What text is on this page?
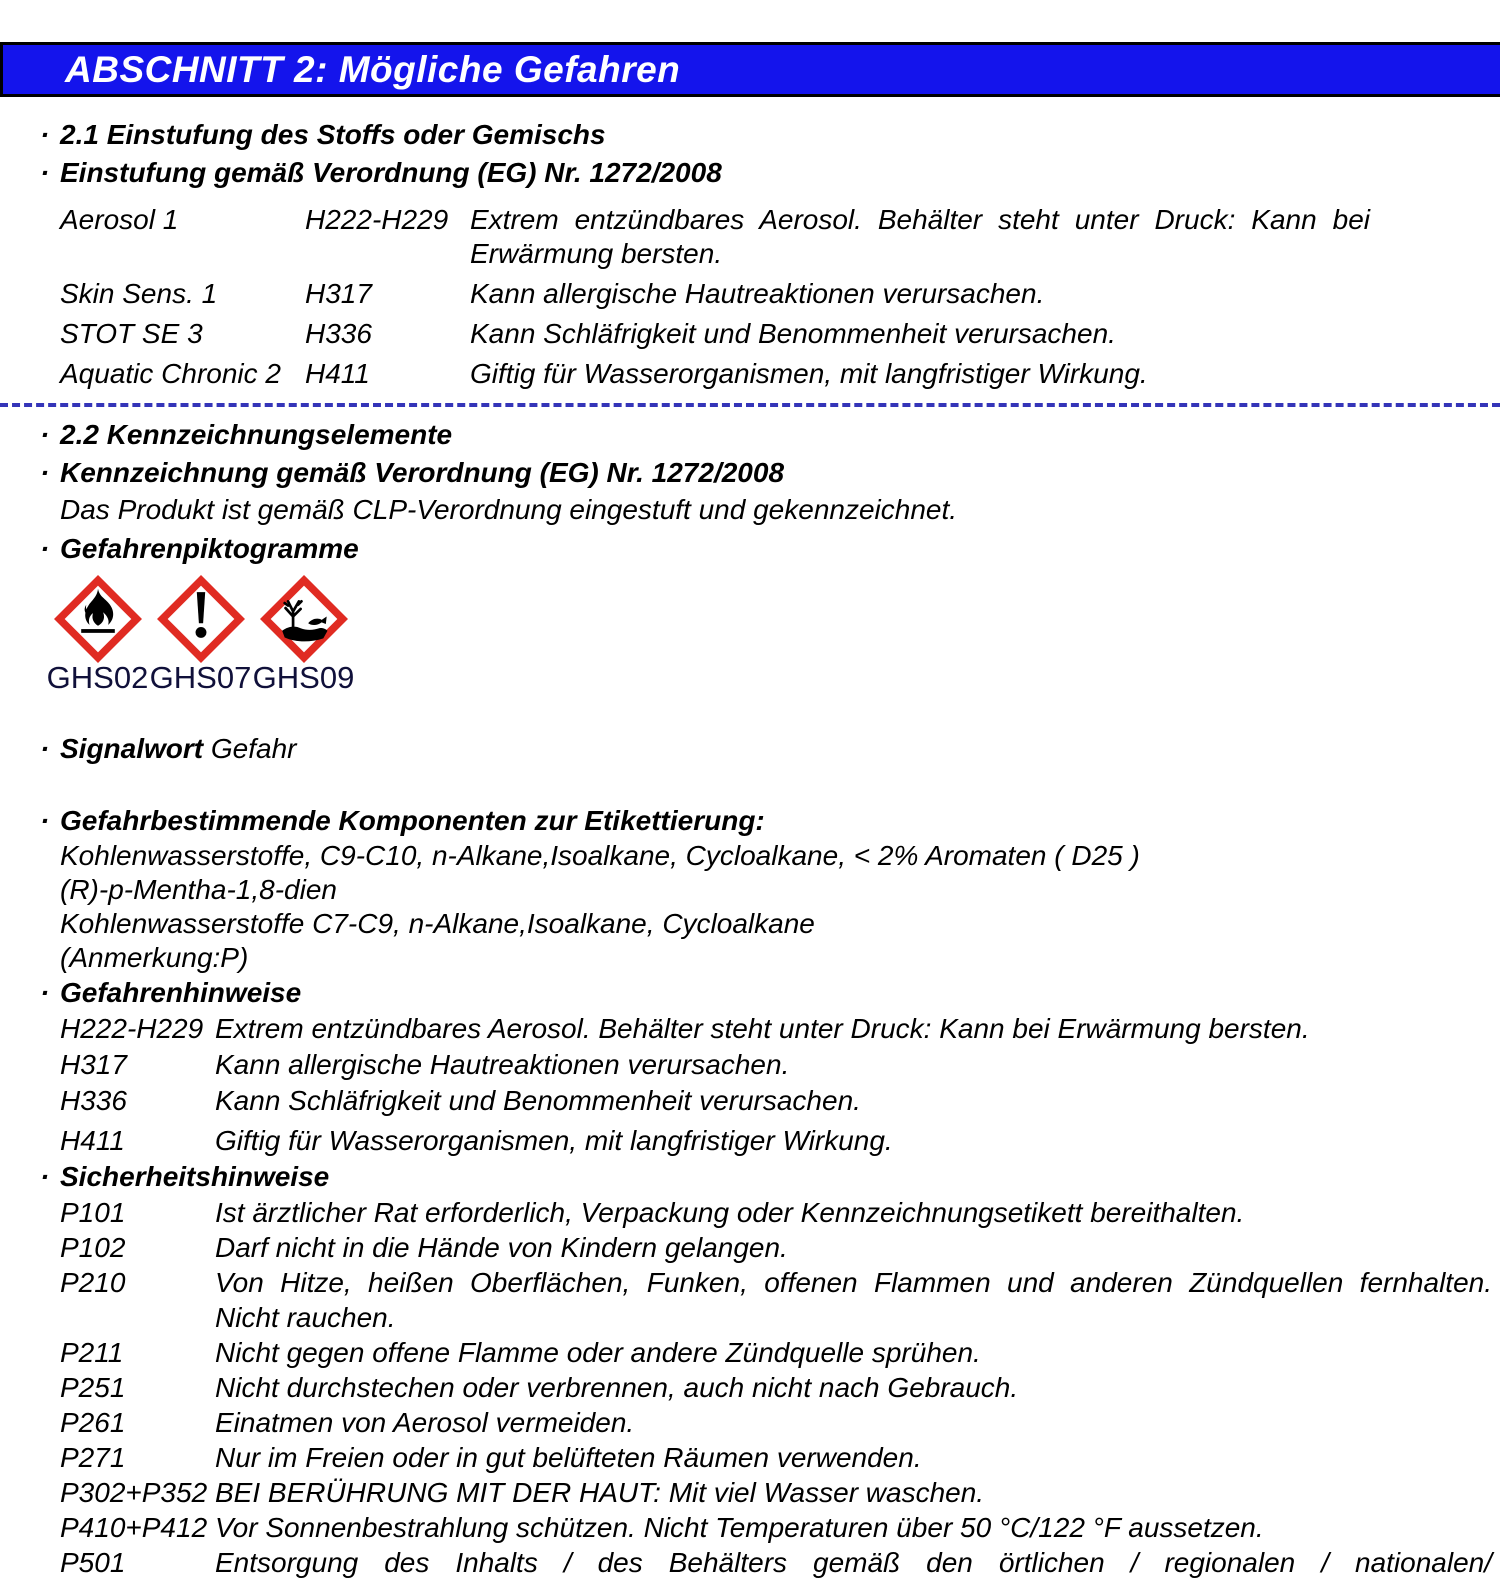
ABSCHNITT 2: Mögliche Gefahren
· 2.1 Einstufung des Stoffs oder Gemischs
· Einstufung gemäß Verordnung (EG) Nr. 1272/2008
Aerosol 1	H222-H229 Extrem entzündbares Aerosol. Behälter steht unter Druck: Kann bei
Erwärmung bersten.
Skin Sens. 1	H317	Kann allergische Hautreaktionen verursachen.
STOT SE 3	H336	Kann Schläfrigkeit und Benommenheit verursachen.
Aquatic Chronic 2 H411	Giftig für Wasserorganismen, mit langfristiger Wirkung.
· 2.2 Kennzeichnungselemente
· Kennzeichnung gemäß Verordnung (EG) Nr. 1272/2008
Das Produkt ist gemäß CLP-Verordnung eingestuft und gekennzeichnet.
· Gefahrenpiktogramme
GHS02 GHS07 GHS09
· Signalwort Gefahr
· Gefahrbestimmende Komponenten zur Etikettierung:
Kohlenwasserstoffe, C9-C10, n-Alkane,Isoalkane, Cycloalkane, < 2% Aromaten ( D25 )
(R)-p-Mentha-1,8-dien
Kohlenwasserstoffe C7-C9, n-Alkane,Isoalkane, Cycloalkane
(Anmerkung:P)
· Gefahrenhinweise
H222-H229 Extrem entzündbares Aerosol. Behälter steht unter Druck: Kann bei Erwärmung bersten.
H317	Kann allergische Hautreaktionen verursachen.
H336	Kann Schläfrigkeit und Benommenheit verursachen.
H411	Giftig für Wasserorganismen, mit langfristiger Wirkung.
· Sicherheitshinweise
P101	Ist ärztlicher Rat erforderlich, Verpackung oder Kennzeichnungsetikett bereithalten.
P102	Darf nicht in die Hände von Kindern gelangen.
P210	Von Hitze, heißen Oberflächen, Funken, offenen Flammen und anderen Zündquellen fernhalten.
Nicht rauchen.
P211	Nicht gegen offene Flamme oder andere Zündquelle sprühen.
P251	Nicht durchstechen oder verbrennen, auch nicht nach Gebrauch.
P261	Einatmen von Aerosol vermeiden.
P271	Nur im Freien oder in gut belüfteten Räumen verwenden.
P302+P352 BEI BERÜHRUNG MIT DER HAUT: Mit viel Wasser waschen.
P410+P412 Vor Sonnenbestrahlung schützen. Nicht Temperaturen über 50 °C/122 °F aussetzen.
P501	Entsorgung des Inhalts / des Behälters gemäß den örtlichen / regionalen / nationalen/
